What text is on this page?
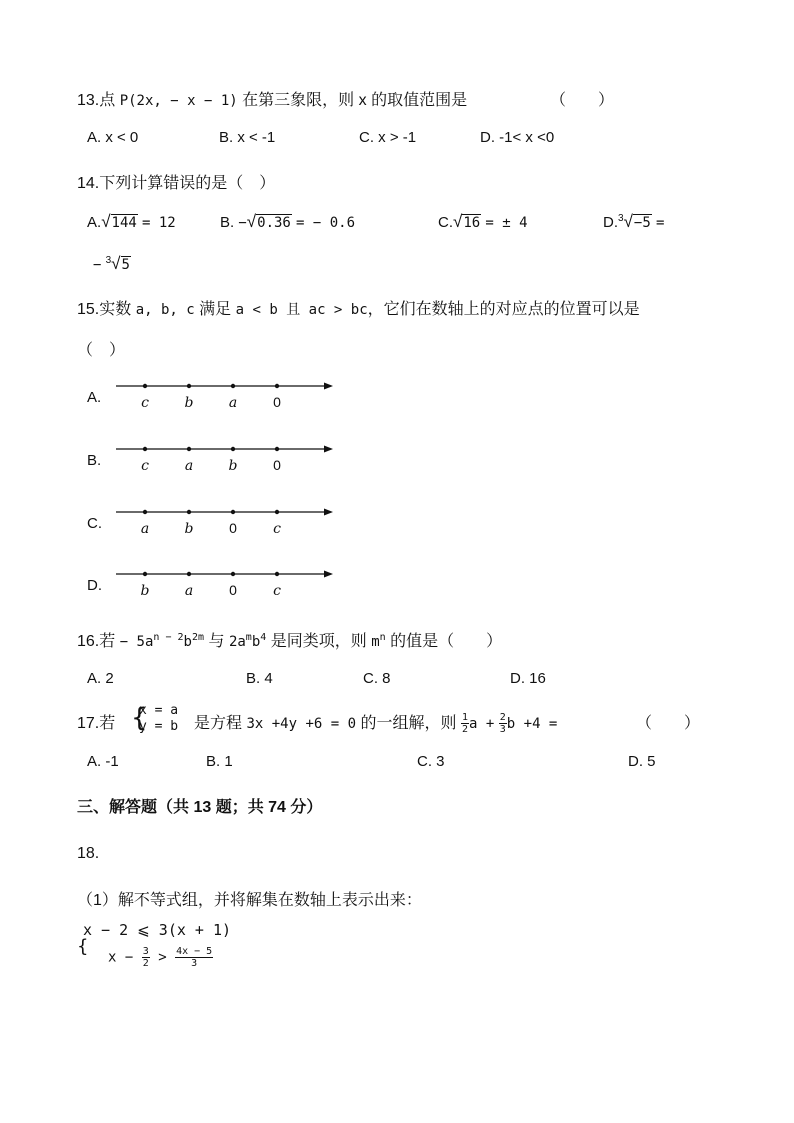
13.点 P(2x, − x − 1) 在第三象限，则 x 的取值范围是	（　　）
A. x < 0	B. x < -1	C. x > -1	D. -1< x <0
14.下列计算错误的是（　）
A.√144 = 12	B. −√0.36 = − 0.6	C.√16 = ± 4	D.$^3$√−5 =
− $^3$√5
15.实数 a, b, c 满足 a < b 且 ac > bc，它们在数轴上的对应点的位置可以是
（　）
A.
B.
C.
D.
c	b	a	0
c	a	b	0
a	b	0	c
b	a	0	c
16.若 − $5a^{n - 2}b^{2m}$ 与 $2a^mb^4$ 是同类项，则 $m^n$ 的值是（　　）
A. 2	B. 4	C. 8	D. 16
17.若 {
x = a
y = b 是方程 3x +4y +6 = 0 的一组解，则 $\frac{1}{2}$ $a + \frac{2}{3}$ b +4 =	（　　）
A. -1	B. 1	C. 3	D. 5
三、解答题（共 13 题；共 74 分）
18.
（1）解不等式组，并将解集在数轴上表示出来：
x − 2 ⩽ 3(x + 1)
{
$x - \frac{3}{2} > \frac{4x - 5}{3}$
